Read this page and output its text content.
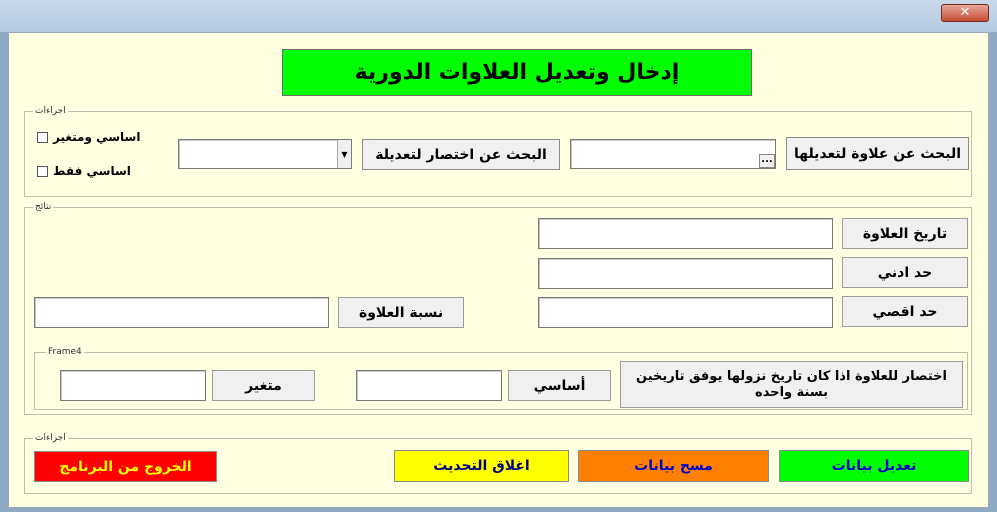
✕
إدخال وتعديل العلاوات الدورية
اجراءات
اساسي ومتغير
اساسي فقط
▼	البحث عن اختصار لتعديلة	...	البحث عن علاوة لتعديلها
نتائج
تاريخ العلاوة
حد ادني
نسبة العلاوة	حد اقصي
Frame4
متغير	أساسي
اختصار للعلاوة اذا كان تاريخ نزولها يوفق تاريخين بسنة واحده
اجراءات
الخروج من البرنامج	اغلاق التحديث	مسح بيانات	تعديل بيانات
